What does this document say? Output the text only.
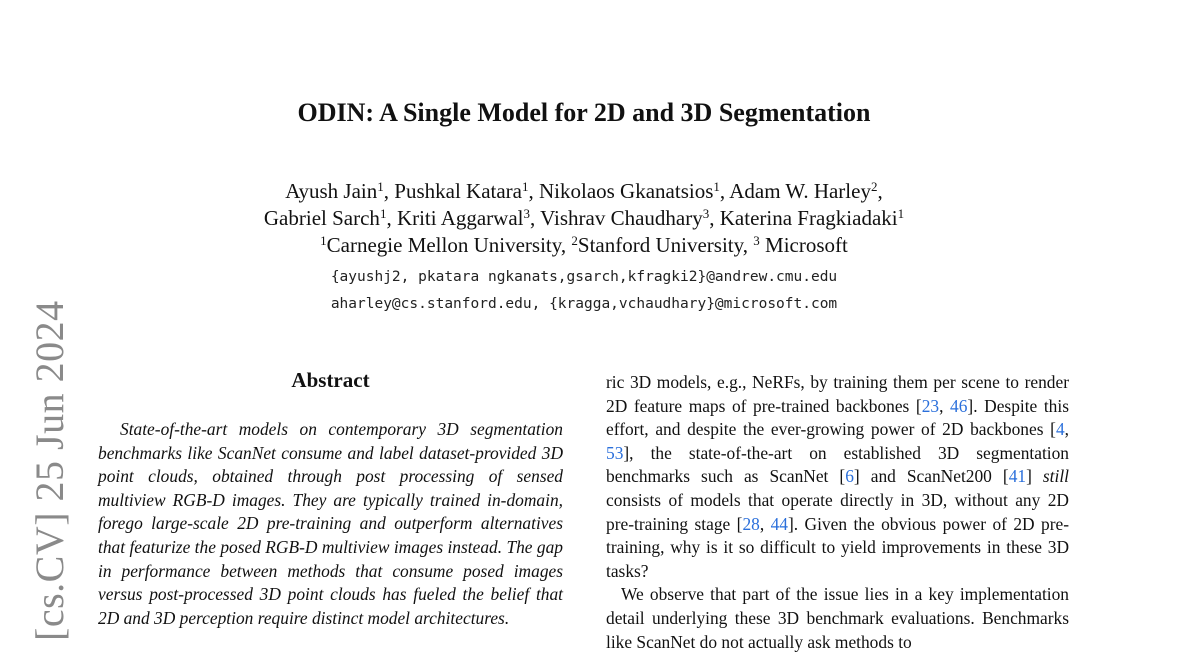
[cs.CV] 25 Jun 2024
ODIN: A Single Model for 2D and 3D Segmentation
Ayush Jain$^1$, Pushkal Katara$^1$, Nikolaos Gkanatsios$^1$, Adam W. Harley$^2$,
Gabriel Sarch$^1$, Kriti Aggarwal$^3$, Vishrav Chaudhary$^3$, Katerina Fragkiadaki$^1$
$^1$Carnegie Mellon University, $^2$Stanford University, $^3$ Microsoft
{ayushj2, pkatara ngkanats,gsarch,kfragki2}@andrew.cmu.edu
aharley@cs.stanford.edu, {kragga,vchaudhary}@microsoft.com
Abstract
State-of-the-art models on contemporary 3D segmentation benchmarks like ScanNet consume and label dataset-provided 3D point clouds, obtained through post processing of sensed multiview RGB-D images. They are typically trained in-domain, forego large-scale 2D pre-training and outperform alternatives that featurize the posed RGB-D multiview images instead. The gap in performance between methods that consume posed images versus post-processed 3D point clouds has fueled the belief that 2D and 3D perception require distinct model architectures.

ric 3D models, e.g., NeRFs, by training them per scene to render 2D feature maps of pre-trained backbones [23, 46]. Despite this effort, and despite the ever-growing power of 2D backbones [4, 53], the state-of-the-art on established 3D segmentation benchmarks such as ScanNet [6] and ScanNet200 [41] still consists of models that operate directly in 3D, without any 2D pre-training stage [28, 44]. Given the obvious power of 2D pre-training, why is it so difficult to yield improvements in these 3D tasks?

We observe that part of the issue lies in a key implementation detail underlying these 3D benchmark evaluations. Benchmarks like ScanNet do not actually ask methods to
